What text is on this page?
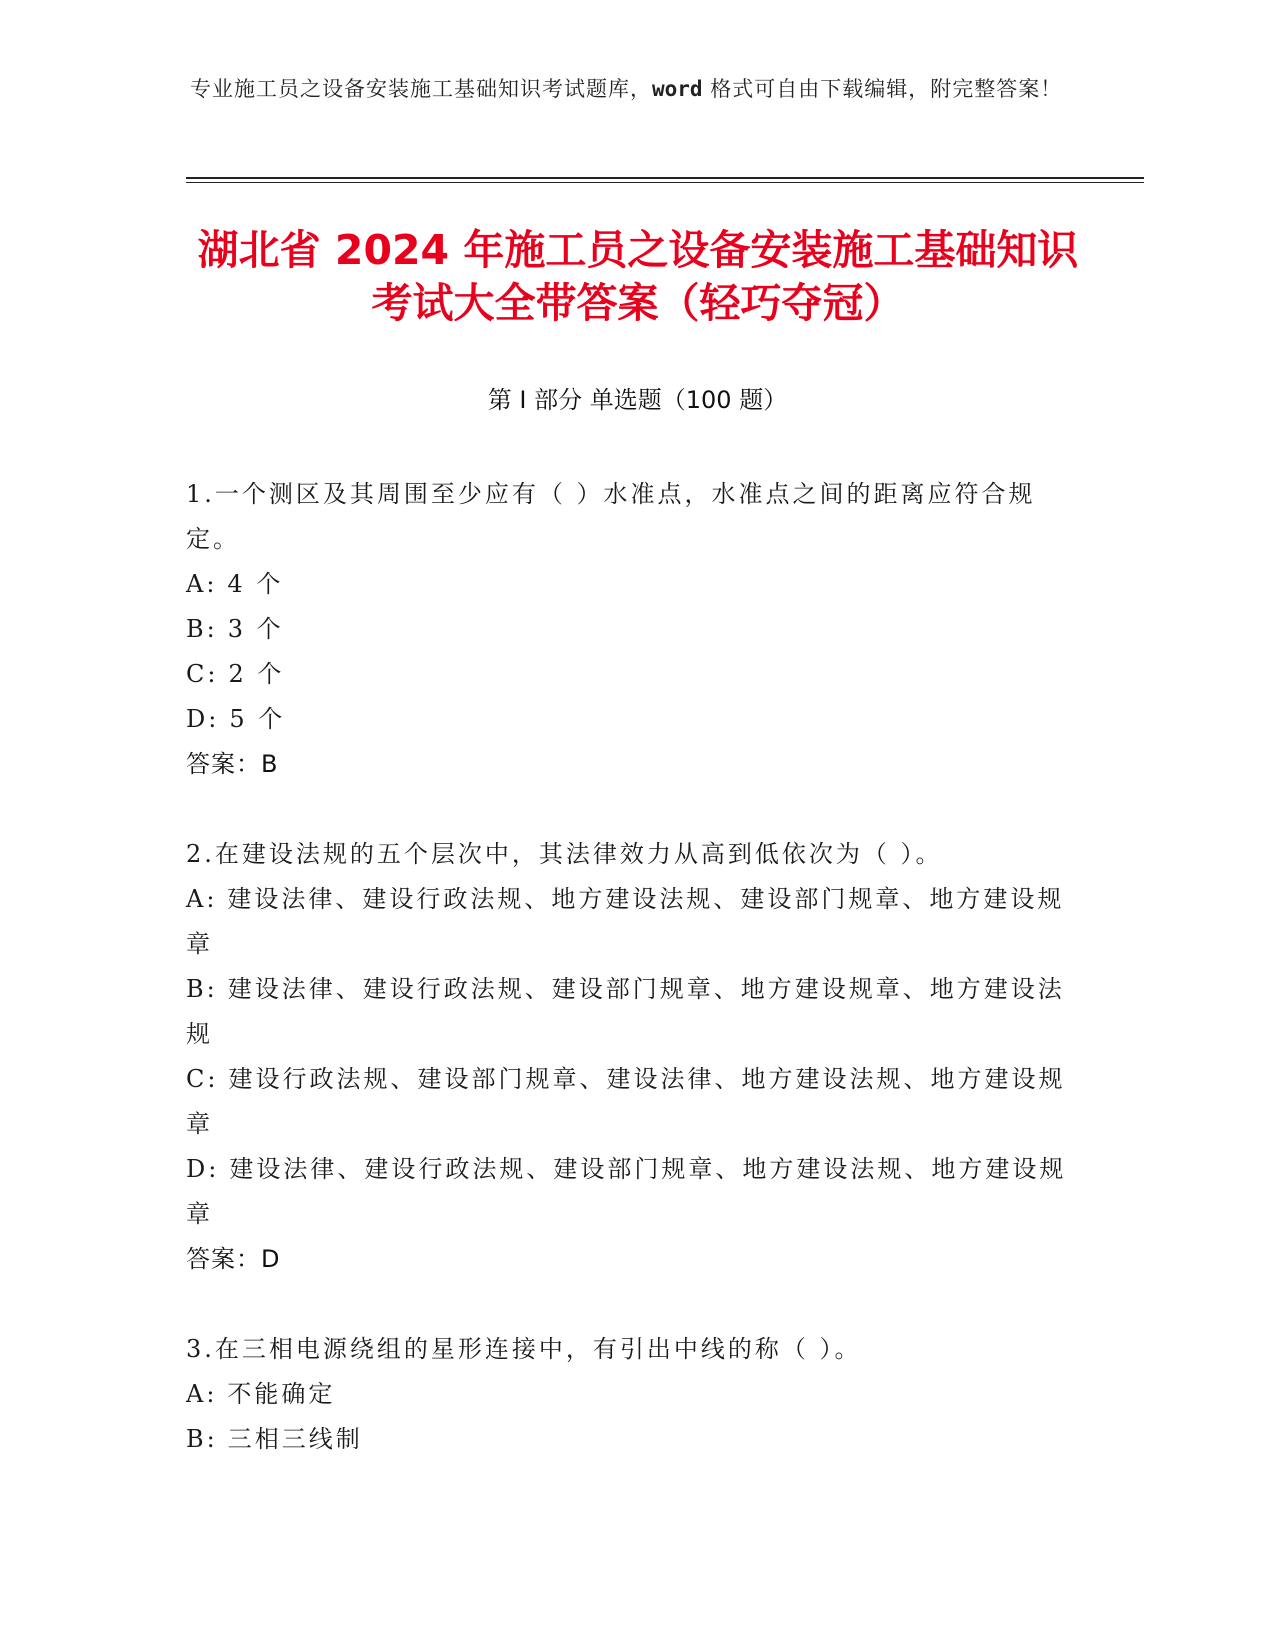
专业施工员之设备安装施工基础知识考试题库，word 格式可自由下载编辑，附完整答案！
湖北省 2024 年施工员之设备安装施工基础知识考试大全带答案（轻巧夺冠）
第 I 部分 单选题（100 题）
1.一个测区及其周围至少应有（ ）水准点，水准点之间的距离应符合规定。
A: 4 个
B: 3 个
C: 2 个
D: 5 个
答案：B
2.在建设法规的五个层次中，其法律效力从高到低依次为（ ）。
A: 建设法律、建设行政法规、地方建设法规、建设部门规章、地方建设规章
B: 建设法律、建设行政法规、建设部门规章、地方建设规章、地方建设法规
C: 建设行政法规、建设部门规章、建设法律、地方建设法规、地方建设规章
D: 建设法律、建设行政法规、建设部门规章、地方建设法规、地方建设规章
答案：D
3.在三相电源绕组的星形连接中，有引出中线的称（ ）。
A: 不能确定
B: 三相三线制
